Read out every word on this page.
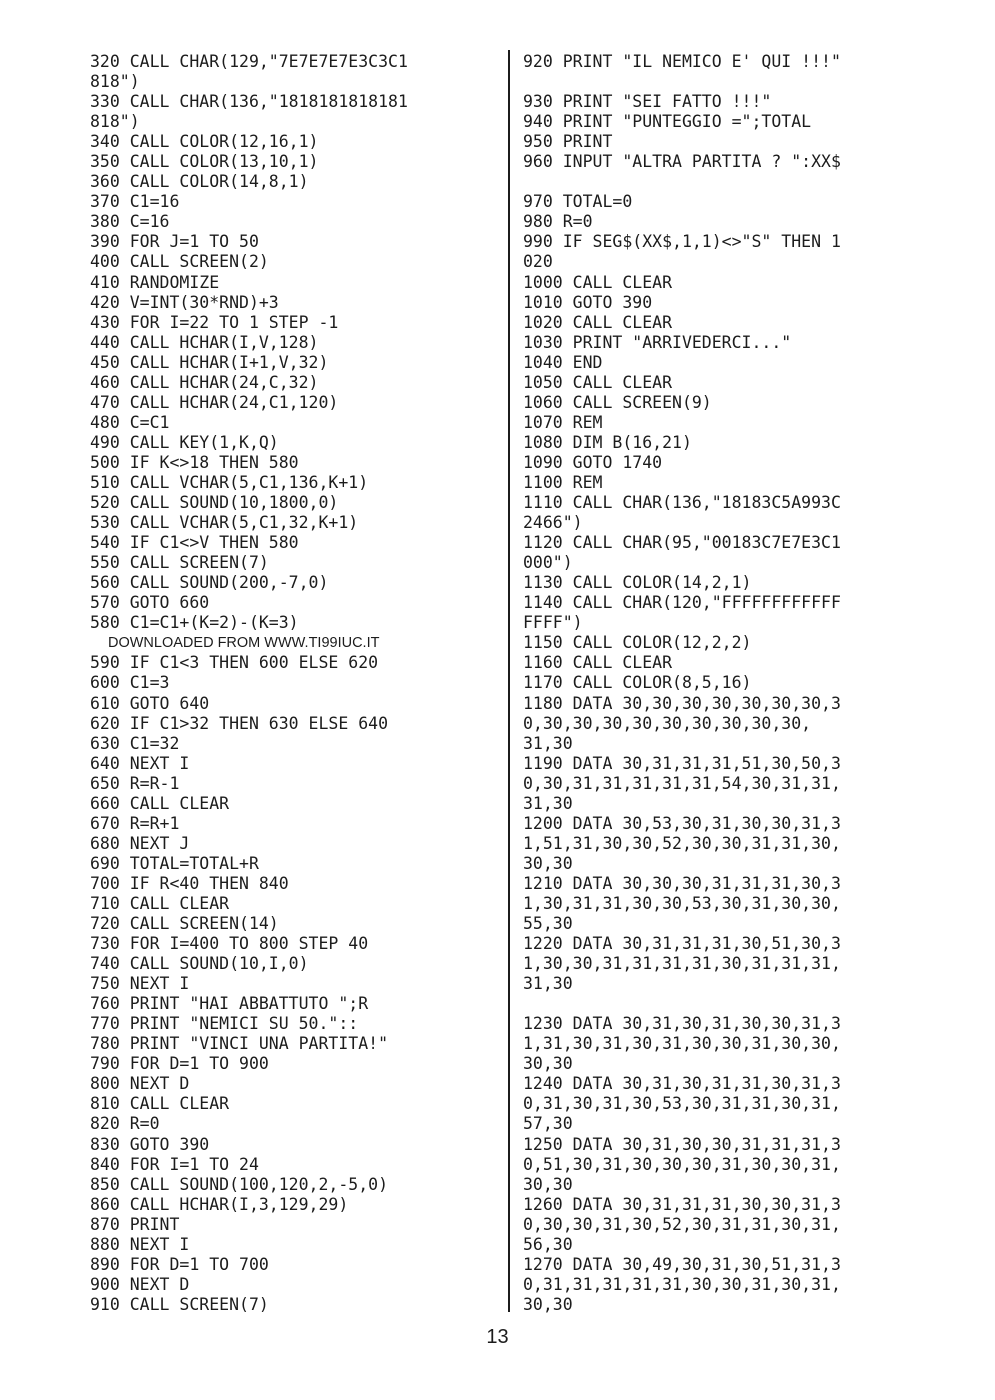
320 CALL CHAR(129,"7E7E7E7E3C3C1
818")
330 CALL CHAR(136,"1818181818181
818")
340 CALL COLOR(12,16,1)
350 CALL COLOR(13,10,1)
360 CALL COLOR(14,8,1)
370 C1=16
380 C=16
390 FOR J=1 TO 50
400 CALL SCREEN(2)
410 RANDOMIZE
420 V=INT(30*RND)+3
430 FOR I=22 TO 1 STEP -1
440 CALL HCHAR(I,V,128)
450 CALL HCHAR(I+1,V,32)
460 CALL HCHAR(24,C,32)
470 CALL HCHAR(24,C1,120)
480 C=C1
490 CALL KEY(1,K,Q)
500 IF K<>18 THEN 580
510 CALL VCHAR(5,C1,136,K+1)
520 CALL SOUND(10,1800,0)
530 CALL VCHAR(5,C1,32,K+1)
540 IF C1<>V THEN 580
550 CALL SCREEN(7)
560 CALL SOUND(200,-7,0)
570 GOTO 660
580 C1=C1+(K=2)-(K=3)
DOWNLOADED FROM WWW.TI99IUC.IT
590 IF C1<3 THEN 600 ELSE 620
600 C1=3
610 GOTO 640
620 IF C1>32 THEN 630 ELSE 640
630 C1=32
640 NEXT I
650 R=R-1
660 CALL CLEAR
670 R=R+1
680 NEXT J
690 TOTAL=TOTAL+R
700 IF R<40 THEN 840
710 CALL CLEAR
720 CALL SCREEN(14)
730 FOR I=400 TO 800 STEP 40
740 CALL SOUND(10,I,0)
750 NEXT I
760 PRINT "HAI ABBATTUTO ";R
770 PRINT "NEMICI SU 50."::
780 PRINT "VINCI UNA PARTITA!"
790 FOR D=1 TO 900
800 NEXT D
810 CALL CLEAR
820 R=0
830 GOTO 390
840 FOR I=1 TO 24
850 CALL SOUND(100,120,2,-5,0)
860 CALL HCHAR(I,3,129,29)
870 PRINT
880 NEXT I
890 FOR D=1 TO 700
900 NEXT D
910 CALL SCREEN(7)
920 PRINT "IL NEMICO E' QUI !!!"
930 PRINT "SEI FATTO !!!"
940 PRINT "PUNTEGGIO =";TOTAL
950 PRINT
960 INPUT "ALTRA PARTITA ? ":XX$
970 TOTAL=0
980 R=0
990 IF SEG$(XX$,1,1)<>"S" THEN 1
020
1000 CALL CLEAR
1010 GOTO 390
1020 CALL CLEAR
1030 PRINT "ARRIVEDERCI..."
1040 END
1050 CALL CLEAR
1060 CALL SCREEN(9)
1070 REM
1080 DIM B(16,21)
1090 GOTO 1740
1100 REM
1110 CALL CHAR(136,"18183C5A993C
2466")
1120 CALL CHAR(95,"00183C7E7E3C1
000")
1130 CALL COLOR(14,2,1)
1140 CALL CHAR(120,"FFFFFFFFFFFF
FFFF")
1150 CALL COLOR(12,2,2)
1160 CALL CLEAR
1170 CALL COLOR(8,5,16)
1180 DATA 30,30,30,30,30,30,30,3
0,30,30,30,30,30,30,30,30,30,
31,30
1190 DATA 30,31,31,31,51,30,50,3
0,30,31,31,31,31,31,54,30,31,31,
31,30
1200 DATA 30,53,30,31,30,30,31,3
1,51,31,30,30,52,30,30,31,31,30,
30,30
1210 DATA 30,30,30,31,31,31,30,3
1,30,31,31,30,30,53,30,31,30,30,
55,30
1220 DATA 30,31,31,31,30,51,30,3
1,30,30,31,31,31,31,30,31,31,31,
31,30
1230 DATA 30,31,30,31,30,30,31,3
1,31,30,31,30,31,30,30,31,30,30,
30,30
1240 DATA 30,31,30,31,31,30,31,3
0,31,30,31,30,53,30,31,31,30,31,
57,30
1250 DATA 30,31,30,30,31,31,31,3
0,51,30,31,30,30,30,31,30,30,31,
30,30
1260 DATA 30,31,31,31,30,30,31,3
0,30,30,31,30,52,30,31,31,30,31,
56,30
1270 DATA 30,49,30,31,30,51,31,3
0,31,31,31,31,31,30,30,31,30,31,
30,30
13
